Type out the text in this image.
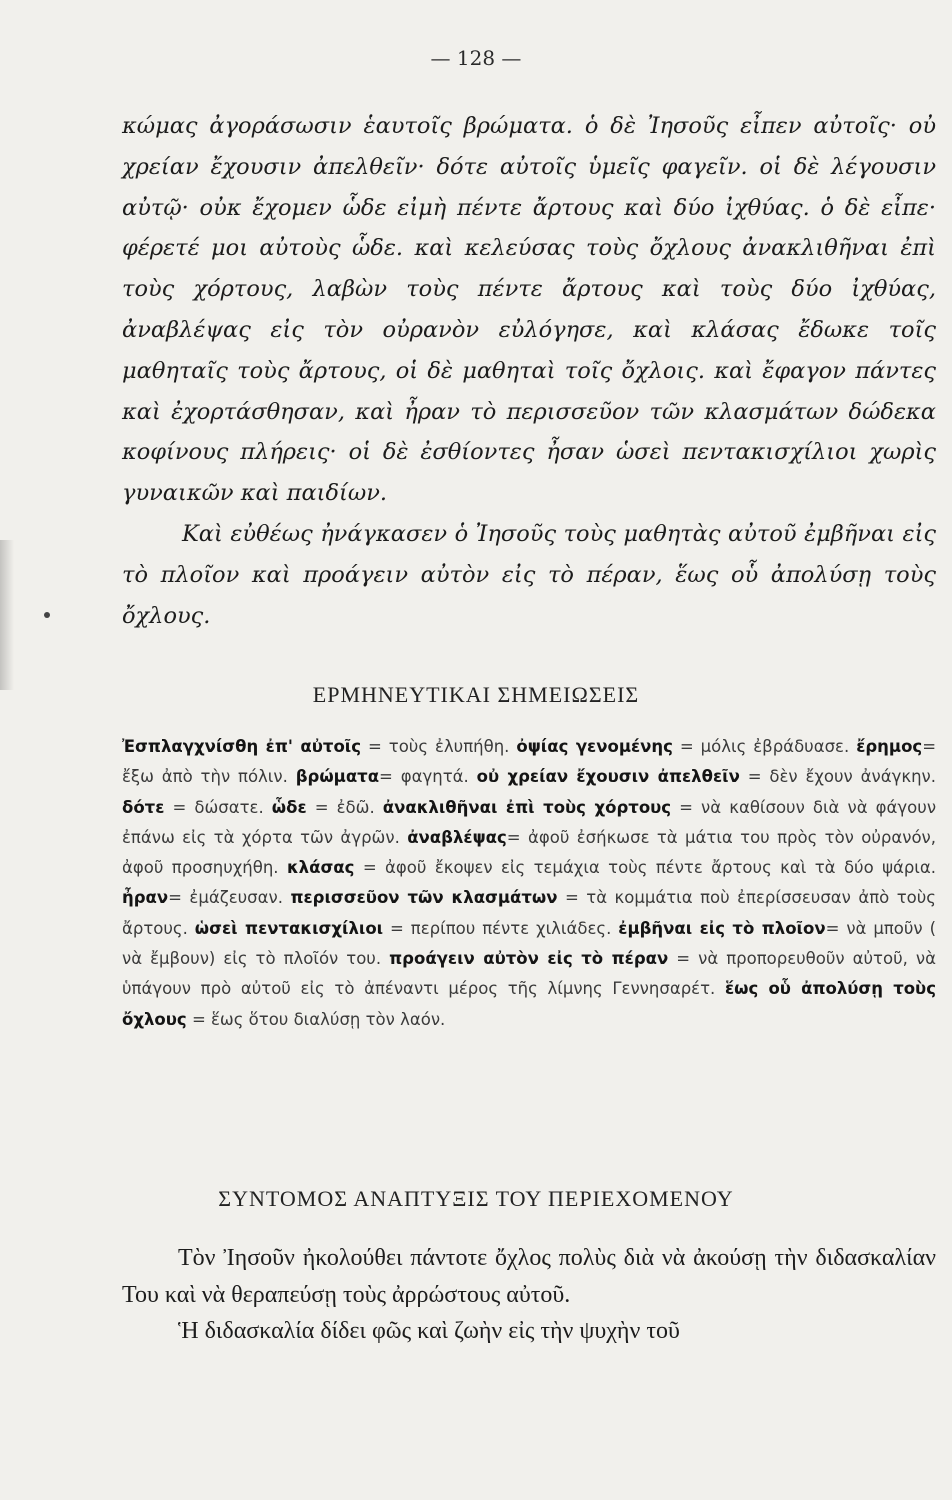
— 128 —

κώμας ἀγοράσωσιν ἑαυτοῖς βρώματα. ὁ δὲ Ἰησοῦς εἶπεν αὐτοῖς· οὐ χρείαν ἔχουσιν ἀπελθεῖν· δότε αὐτοῖς ὑμεῖς φαγεῖν. οἱ δὲ λέγουσιν αὐτῷ· οὐκ ἔχομεν ὧδε εἰμὴ πέντε ἄρτους καὶ δύο ἰχθύας. ὁ δὲ εἶπε· φέρετέ μοι αὐτοὺς ὧδε. καὶ κελεύσας τοὺς ὄχλους ἀνακλιθῆναι ἐπὶ τοὺς χόρτους, λαβὼν τοὺς πέντε ἄρτους καὶ τοὺς δύο ἰχθύας, ἀναβλέψας εἰς τὸν οὐρανὸν εὐλόγησε, καὶ κλάσας ἔδωκε τοῖς μαθηταῖς τοὺς ἄρτους, οἱ δὲ μαθηταὶ τοῖς ὄχλοις. καὶ ἔφαγον πάντες καὶ ἐχορτάσθησαν, καὶ ἦραν τὸ περισσεῦον τῶν κλασμάτων δώδεκα κοφίνους πλήρεις· οἱ δὲ ἐσθίοντες ἦσαν ὡσεὶ πεντακισχίλιοι χωρὶς γυναικῶν καὶ παιδίων.

Καὶ εὐθέως ἠνάγκασεν ὁ Ἰησοῦς τοὺς μαθητὰς αὐτοῦ ἐμβῆναι εἰς τὸ πλοῖον καὶ προάγειν αὐτὸν εἰς τὸ πέραν, ἕως οὗ ἀπολύσῃ τοὺς ὄχλους.

ΕΡΜΗΝΕΥΤΙΚΑΙ ΣΗΜΕΙΩΣΕΙΣ

Ἐσπλαγχνίσθη ἐπ' αὐτοῖς = τοὺς ἐλυπήθη. ὀψίας γενομένης = μόλις ἐβράδυασε. ἔρημος= ἔξω ἀπὸ τὴν πόλιν. βρώματα= φαγητά. οὐ χρείαν ἔχουσιν ἀπελθεῖν = δὲν ἔχουν ἀνάγκην. δότε = δώσατε. ὧδε = ἐδῶ. ἀνακλιθῆναι ἐπὶ τοὺς χόρτους = νὰ καθίσουν διὰ νὰ φάγουν ἐπάνω εἰς τὰ χόρτα τῶν ἀγρῶν. ἀναβλέψας= ἀφοῦ ἐσήκωσε τὰ μάτια του πρὸς τὸν οὐρανόν, ἀφοῦ προσηυχήθη. κλάσας = ἀφοῦ ἔκοψεν εἰς τεμάχια τοὺς πέντε ἄρτους καὶ τὰ δύο ψάρια. ἦραν= ἐμάζευσαν. περισσεῦον τῶν κλασμάτων = τὰ κομμάτια ποὺ ἐπερίσσευσαν ἀπὸ τοὺς ἄρτους. ὡσεὶ πεντακισχίλιοι = περίπου πέντε χιλιάδες. ἐμβῆναι εἰς τὸ πλοῖον= νὰ μποῦν ( νὰ ἔμβουν) εἰς τὸ πλοῖόν του. προάγειν αὐτὸν εἰς τὸ πέραν = νὰ προπορευθοῦν αὐτοῦ, νὰ ὑπάγουν πρὸ αὐτοῦ εἰς τὸ ἀπέναντι μέρος τῆς λίμνης Γεννησαρέτ. ἕως οὗ ἀπολύσῃ τοὺς ὄχλους = ἕως ὅτου διαλύσῃ τὸν λαόν.

ΣΥΝΤΟΜΟΣ ΑΝΑΠΤΥΞΙΣ ΤΟΥ ΠΕΡΙΕΧΟΜΕΝΟΥ

Τὸν Ἰησοῦν ἠκολούθει πάντοτε ὄχλος πολὺς διὰ νὰ ἀκούσῃ τὴν διδασκαλίαν Του καὶ νὰ θεραπεύσῃ τοὺς ἀρρώστους αὐτοῦ.

Ἡ διδασκαλία δίδει φῶς καὶ ζωὴν εἰς τὴν ψυχὴν τοῦ
